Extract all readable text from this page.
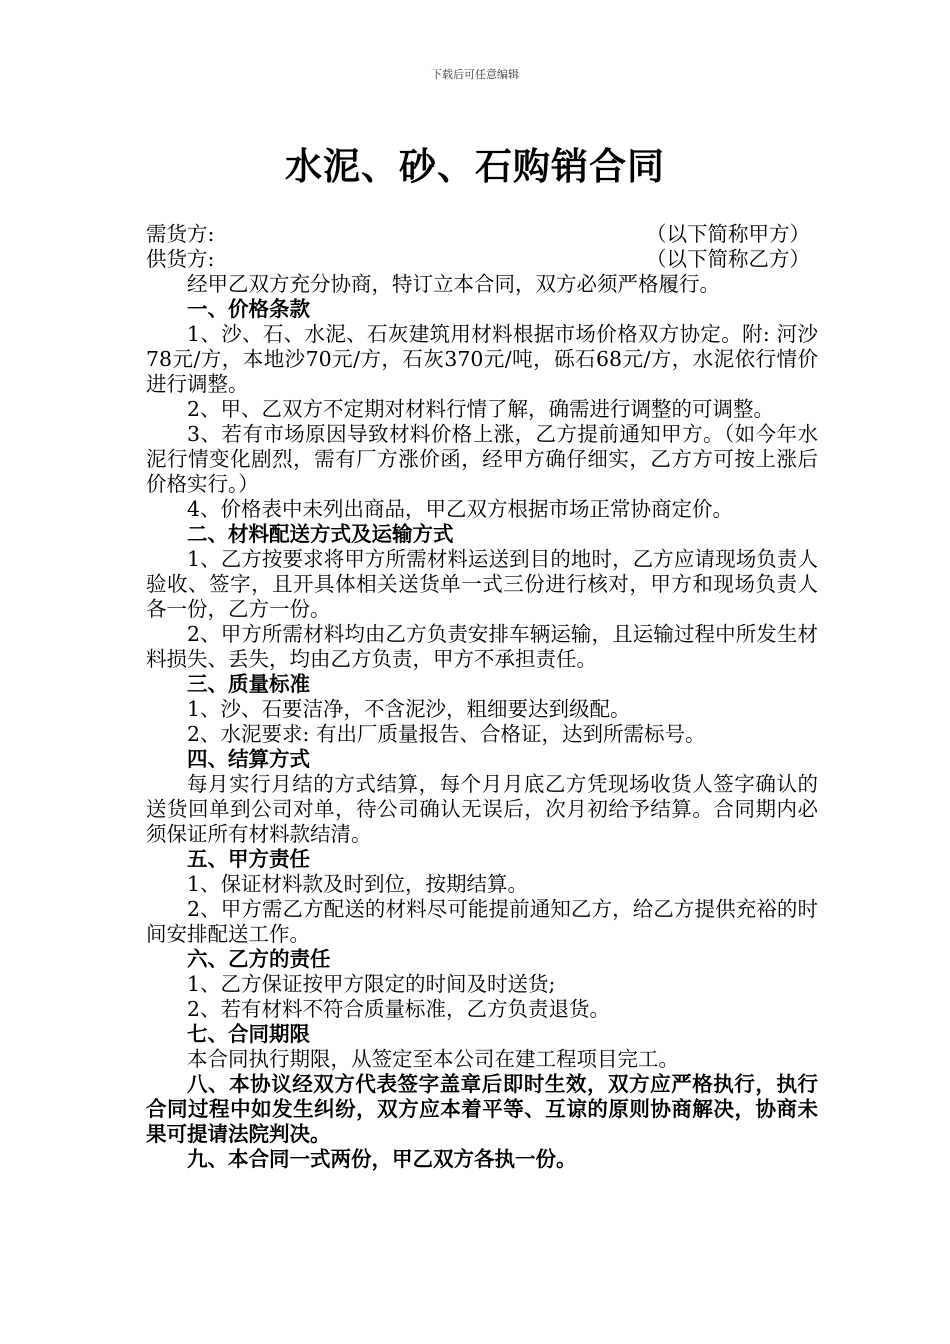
下载后可任意编辑
水泥、砂、石购销合同
需货方:	（以下简称甲方）
供货方:	（以下简称乙方）

经甲乙双方充分协商，特订立本合同，双方必须严格履行。

一、价格条款

1、沙、石、水泥、石灰建筑用材料根据市场价格双方协定。附: 河沙78元/方，本地沙70元/方，石灰370元/吨，砾石68元/方，水泥依行情价进行调整。

2、甲、乙双方不定期对材料行情了解，确需进行调整的可调整。

3、若有市场原因导致材料价格上涨，乙方提前通知甲方。（如今年水泥行情变化剧烈，需有厂方涨价函，经甲方确仔细实，乙方方可按上涨后价格实行。）

4、价格表中未列出商品，甲乙双方根据市场正常协商定价。

二、材料配送方式及运输方式

1、乙方按要求将甲方所需材料运送到目的地时，乙方应请现场负责人验收、签字，且开具体相关送货单一式三份进行核对，甲方和现场负责人各一份，乙方一份。

2、甲方所需材料均由乙方负责安排车辆运输，且运输过程中所发生材料损失、丢失，均由乙方负责，甲方不承担责任。

三、质量标准

1、沙、石要洁净，不含泥沙，粗细要达到级配。

2、水泥要求: 有出厂质量报告、合格证，达到所需标号。

四、结算方式

每月实行月结的方式结算，每个月月底乙方凭现场收货人签字确认的送货回单到公司对单，待公司确认无误后，次月初给予结算。合同期内必须保证所有材料款结清。

五、甲方责任

1、保证材料款及时到位，按期结算。

2、甲方需乙方配送的材料尽可能提前通知乙方，给乙方提供充裕的时间安排配送工作。

六、乙方的责任

1、乙方保证按甲方限定的时间及时送货;

2、若有材料不符合质量标准，乙方负责退货。

七、合同期限

本合同执行期限，从签定至本公司在建工程项目完工。

八、本协议经双方代表签字盖章后即时生效，双方应严格执行，执行合同过程中如发生纠纷，双方应本着平等、互谅的原则协商解决，协商未果可提请法院判决。

九、本合同一式两份，甲乙双方各执一份。
